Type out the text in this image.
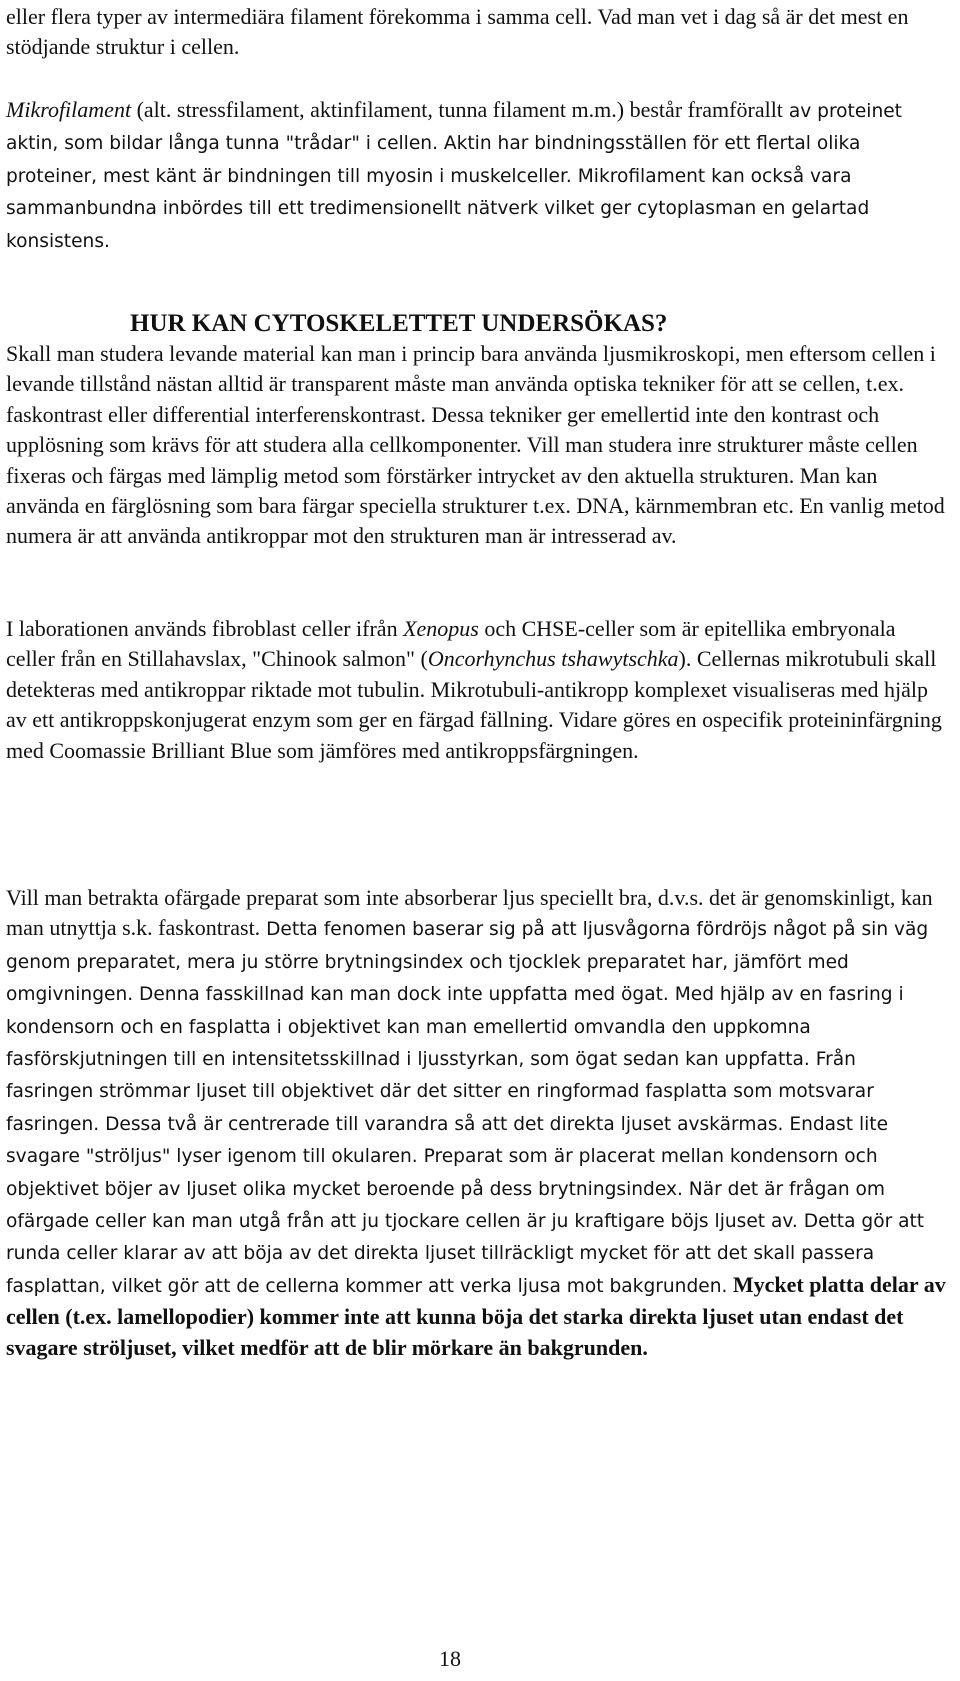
eller flera typer av intermediära filament förekomma i samma cell. Vad man vet i dag så är det mest en stödjande struktur i cellen.

Mikrofilament (alt. stressfilament, aktinfilament, tunna filament m.m.) består framförallt av proteinet aktin, som bildar långa tunna "trådar" i cellen. Aktin har bindningsställen för ett flertal olika proteiner, mest känt är bindningen till myosin i muskelceller. Mikrofilament kan också vara sammanbundna inbördes till ett tredimensionellt nätverk vilket ger cytoplasman en gelartad konsistens.

HUR KAN CYTOSKELETTET UNDERSÖKAS?

Skall man studera levande material kan man i princip bara använda ljusmikroskopi, men eftersom cellen i levande tillstånd nästan alltid är transparent måste man använda optiska tekniker för att se cellen, t.ex. faskontrast eller differential interferenskontrast. Dessa tekniker ger emellertid inte den kontrast och upplösning som krävs för att studera alla cellkomponenter. Vill man studera inre strukturer måste cellen fixeras och färgas med lämplig metod som förstärker intrycket av den aktuella strukturen. Man kan använda en färglösning som bara färgar speciella strukturer t.ex. DNA, kärnmembran etc. En vanlig metod numera är att använda antikroppar mot den strukturen man är intresserad av.

I laborationen används fibroblast celler ifrån Xenopus och CHSE-celler som är epitellika embryonala celler från en Stillahavslax, "Chinook salmon" (Oncorhynchus tshawytschka). Cellernas mikrotubuli skall detekteras med antikroppar riktade mot tubulin. Mikrotubuli-antikropp komplexet visualiseras med hjälp av ett antikroppskonjugerat enzym som ger en färgad fällning. Vidare göres en ospecifik proteininfärgning med Coomassie Brilliant Blue som jämföres med antikroppsfärgningen.

Vill man betrakta ofärgade preparat som inte absorberar ljus speciellt bra, d.v.s. det är genomskinligt, kan man utnyttja s.k. faskontrast. Detta fenomen baserar sig på att ljusvågorna fördröjs något på sin väg genom preparatet, mera ju större brytningsindex och tjocklek preparatet har, jämfört med omgivningen. Denna fasskillnad kan man dock inte uppfatta med ögat. Med hjälp av en fasring i kondensorn och en fasplatta i objektivet kan man emellertid omvandla den uppkomna fasförskjutningen till en intensitetsskillnad i ljusstyrkan, som ögat sedan kan uppfatta. Från fasringen strömmar ljuset till objektivet där det sitter en ringformad fasplatta som motsvarar fasringen. Dessa två är centrerade till varandra så att det direkta ljuset avskärmas. Endast lite svagare "ströljus" lyser igenom till okularen. Preparat som är placerat mellan kondensorn och objektivet böjer av ljuset olika mycket beroende på dess brytningsindex. När det är frågan om ofärgade celler kan man utgå från att ju tjockare cellen är ju kraftigare böjs ljuset av. Detta gör att runda celler klarar av att böja av det direkta ljuset tillräckligt mycket för att det skall passera fasplattan, vilket gör att de cellerna kommer att verka ljusa mot bakgrunden. Mycket platta delar av cellen (t.ex. lamellopodier) kommer inte att kunna böja det starka direkta ljuset utan endast det svagare ströljuset, vilket medför att de blir mörkare än bakgrunden.

18
